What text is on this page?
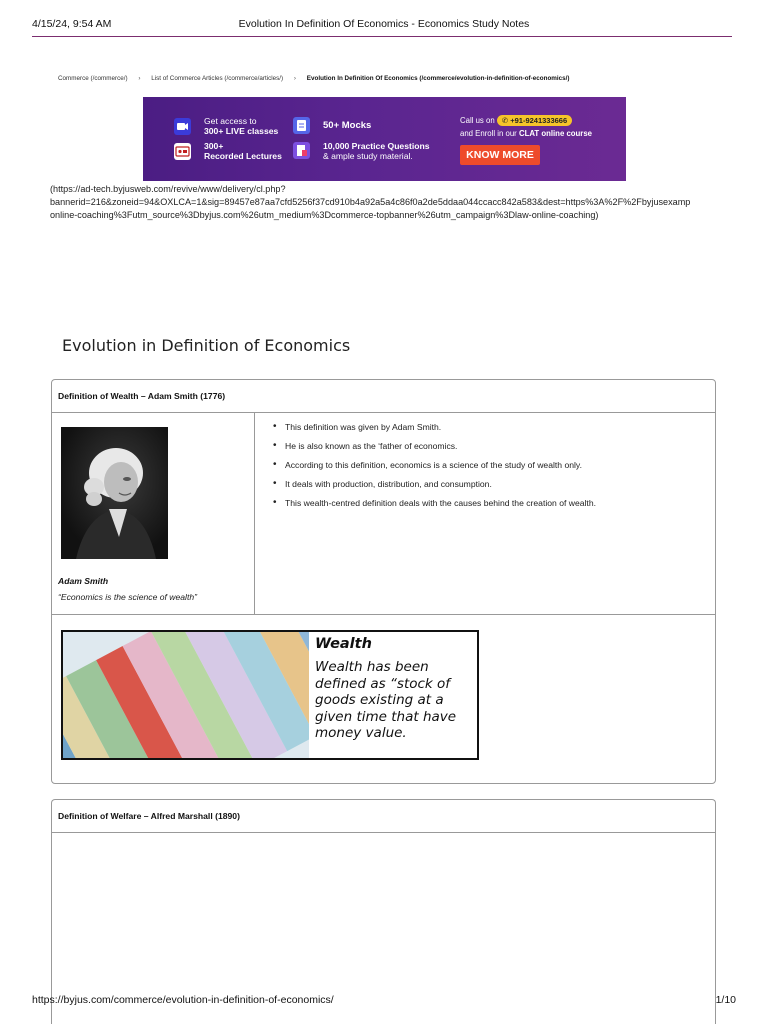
4/15/24, 9:54 AM	Evolution In Definition Of Economics - Economics Study Notes
Commerce (/commerce/) › List of Commerce Articles (/commerce/articles/) › Evolution In Definition Of Economics (/commerce/evolution-in-definition-of-economics/)
Get access to
300+ LIVE classes
300+
Recorded Lectures
50+ Mocks
10,000 Practice Questions
& ample study material.
Call us on ✆ +91-9241333666
and Enroll in our CLAT online course
KNOW MORE
(https://ad-tech.byjusweb.com/revive/www/delivery/cl.php?
bannerid=216&zoneid=94&OXLCA=1&sig=89457e87aa7cfd5256f37cd910b4a92a5a4c86f0a2de5ddaa044ccacc842a583&dest=https%3A%2F%2Fbyjusexamp
online-coaching%3Futm_source%3Dbyjus.com%26utm_medium%3Dcommerce-topbanner%26utm_campaign%3Dlaw-online-coaching)
Evolution in Definition of Economics
Definition of Wealth – Adam Smith (1776)
Adam Smith
“Economics is the science of wealth”
• This definition was given by Adam Smith.
• He is also known as the ‘father of economics.
• According to this definition, economics is a science of the study of wealth only.
• It deals with production, distribution, and consumption.
• This wealth-centred definition deals with the causes behind the creation of wealth.
Wealth
Wealth has been defined as “stock of goods existing at a given time that have money value.
Definition of Welfare – Alfred Marshall (1890)
https://byjus.com/commerce/evolution-in-definition-of-economics/	1/10
